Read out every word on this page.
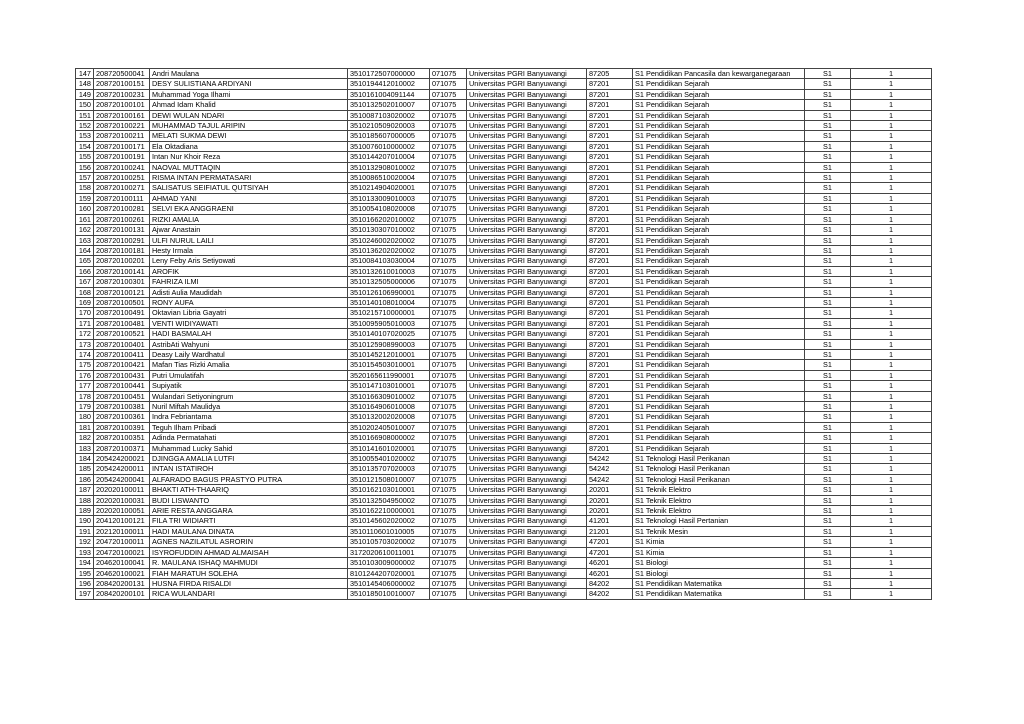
147	208720500041	Andri Maulana	3510172507000000	071075	Universitas PGRI Banyuwangi	87205	S1 Pendidikan Pancasila dan kewarganegaraan	S1	1
148	208720100151	DESY SULISTIANA ARDIYANI	3510194412010002	071075	Universitas PGRI Banyuwangi	87201	S1 Pendidikan Sejarah	S1	1
149	208720100231	Muhammad Yoga Ilhami	3510161004091144	071075	Universitas PGRI Banyuwangi	87201	S1 Pendidikan Sejarah	S1	1
150	208720100101	Ahmad Idam Khalid	3510132502010007	071075	Universitas PGRI Banyuwangi	87201	S1 Pendidikan Sejarah	S1	1
151	208720100161	DEWI WULAN NDARI	3510087103020002	071075	Universitas PGRI Banyuwangi	87201	S1 Pendidikan Sejarah	S1	1
152	208720100221	MUHAMMAD TAJUL ARIPIN	3510210509020003	071075	Universitas PGRI Banyuwangi	87201	S1 Pendidikan Sejarah	S1	1
153	208720100211	MELATI SUKMA DEWI	3510185607000005	071075	Universitas PGRI Banyuwangi	87201	S1 Pendidikan Sejarah	S1	1
154	208720100171	Ela Oktadiana	3510076010000002	071075	Universitas PGRI Banyuwangi	87201	S1 Pendidikan Sejarah	S1	1
155	208720100191	Intan Nur Khoir Reza	3510144207010004	071075	Universitas PGRI Banyuwangi	87201	S1 Pendidikan Sejarah	S1	1
156	208720100241	NAOVAL MUTTAQIN	3510132908010002	071075	Universitas PGRI Banyuwangi	87201	S1 Pendidikan Sejarah	S1	1
157	208720100251	RISMA INTAN PERMATASARI	3510086510020004	071075	Universitas PGRI Banyuwangi	87201	S1 Pendidikan Sejarah	S1	1
158	208720100271	SALISATUS SEIFIATUL QUTSIYAH	3510214904020001	071075	Universitas PGRI Banyuwangi	87201	S1 Pendidikan Sejarah	S1	1
159	208720100111	AHMAD YANI	3510133009010003	071075	Universitas PGRI Banyuwangi	87201	S1 Pendidikan Sejarah	S1	1
160	208720100281	SELVI EKA ANGGRAENI	3510054108020008	071075	Universitas PGRI Banyuwangi	87201	S1 Pendidikan Sejarah	S1	1
161	208720100261	RIZKI AMALIA	3510166202010002	071075	Universitas PGRI Banyuwangi	87201	S1 Pendidikan Sejarah	S1	1
162	208720100131	Ajwar Anastain	3510130307010002	071075	Universitas PGRI Banyuwangi	87201	S1 Pendidikan Sejarah	S1	1
163	208720100291	ULFI NURUL LAILI	3510246002020002	071075	Universitas PGRI Banyuwangi	87201	S1 Pendidikan Sejarah	S1	1
164	208720100181	Hesty Irmala	3510136202020002	071075	Universitas PGRI Banyuwangi	87201	S1 Pendidikan Sejarah	S1	1
165	208720100201	Leny Feby Aris Setiyowati	3510084103030004	071075	Universitas PGRI Banyuwangi	87201	S1 Pendidikan Sejarah	S1	1
166	208720100141	AROFIK	3510132610010003	071075	Universitas PGRI Banyuwangi	87201	S1 Pendidikan Sejarah	S1	1
167	208720100301	FAHRIZA ILMI	3510132505000006	071075	Universitas PGRI Banyuwangi	87201	S1 Pendidikan Sejarah	S1	1
168	208720100121	Adisti Aulia Maudidah	3510126106990001	071075	Universitas PGRI Banyuwangi	87201	S1 Pendidikan Sejarah	S1	1
169	208720100501	RONY AUFA	3510140108010004	071075	Universitas PGRI Banyuwangi	87201	S1 Pendidikan Sejarah	S1	1
170	208720100491	Oktavian Libria Gayatri	3510215710000001	071075	Universitas PGRI Banyuwangi	87201	S1 Pendidikan Sejarah	S1	1
171	208720100481	VENTI WIDIYAWATI	3510095905010003	071075	Universitas PGRI Banyuwangi	87201	S1 Pendidikan Sejarah	S1	1
172	208720100521	HADI BASMALAH	3510140107020025	071075	Universitas PGRI Banyuwangi	87201	S1 Pendidikan Sejarah	S1	1
173	208720100401	AstribAti Wahyuni	3510125908990003	071075	Universitas PGRI Banyuwangi	87201	S1 Pendidikan Sejarah	S1	1
174	208720100411	Deasy Laily Wardhatul	3510145212010001	071075	Universitas PGRI Banyuwangi	87201	S1 Pendidikan Sejarah	S1	1
175	208720100421	Mafan Tias Rizki Amalia	3510154503010001	071075	Universitas PGRI Banyuwangi	87201	S1 Pendidikan Sejarah	S1	1
176	208720100431	Putri Umulatifah	3520165611990001	071075	Universitas PGRI Banyuwangi	87201	S1 Pendidikan Sejarah	S1	1
177	208720100441	Supiyatik	3510147103010001	071075	Universitas PGRI Banyuwangi	87201	S1 Pendidikan Sejarah	S1	1
178	208720100451	Wulandari Setiyoningrum	3510166309010002	071075	Universitas PGRI Banyuwangi	87201	S1 Pendidikan Sejarah	S1	1
179	208720100381	Nuril Miftah Maulidya	3510164906010008	071075	Universitas PGRI Banyuwangi	87201	S1 Pendidikan Sejarah	S1	1
180	208720100361	Indra Febriantama	3510132002020008	071075	Universitas PGRI Banyuwangi	87201	S1 Pendidikan Sejarah	S1	1
181	208720100391	Teguh Ilham Pribadi	3510202405010007	071075	Universitas PGRI Banyuwangi	87201	S1 Pendidikan Sejarah	S1	1
182	208720100351	Adinda Permatahati	3510166908000002	071075	Universitas PGRI Banyuwangi	87201	S1 Pendidikan Sejarah	S1	1
183	208720100371	Muhammad Lucky Sahid	3510141601020001	071075	Universitas PGRI Banyuwangi	87201	S1 Pendidikan Sejarah	S1	1
184	205424200021	DJINGGA AMALIA LUTFI	3510055401020002	071075	Universitas PGRI Banyuwangi	54242	S1 Teknologi Hasil Perikanan	S1	1
185	205424200011	INTAN ISTATIROH	3510135707020003	071075	Universitas PGRI Banyuwangi	54242	S1 Teknologi Hasil Perikanan	S1	1
186	205424200041	ALFARADO BAGUS PRASTYO PUTRA	3510121508010007	071075	Universitas PGRI Banyuwangi	54242	S1 Teknologi Hasil Perikanan	S1	1
187	202020100011	BHAKTI ATH-THAARIQ	3510162103010001	071075	Universitas PGRI Banyuwangi	20201	S1 Teknik Elektro	S1	1
188	202020100031	BUDI LISWANTO	3510132504950002	071075	Universitas PGRI Banyuwangi	20201	S1 Teknik Elektro	S1	1
189	202020100051	ARIE RESTA ANGGARA	3510162210000001	071075	Universitas PGRI Banyuwangi	20201	S1 Teknik Elektro	S1	1
190	204120100121	FILA TRI WIDIARTI	3510145602020002	071075	Universitas PGRI Banyuwangi	41201	S1 Teknologi Hasil Pertanian	S1	1
191	202120100011	HADI MAULANA DINATA	3510110601010005	071075	Universitas PGRI Banyuwangi	21201	S1 Teknik Mesin	S1	1
192	204720100011	AGNES NAZILATUL ASRORIN	3510105703020002	071075	Universitas PGRI Banyuwangi	47201	S1 Kimia	S1	1
193	204720100021	ISYROFUDDIN AHMAD ALMAISAH	3172020610011001	071075	Universitas PGRI Banyuwangi	47201	S1 Kimia	S1	1
194	204620100041	R. MAULANA ISHAQ MAHMUDI	3510103009000002	071075	Universitas PGRI Banyuwangi	46201	S1 Biologi	S1	1
195	204620100021	FIAH MARATUH SOLEHA	8101244207020001	071075	Universitas PGRI Banyuwangi	46201	S1 Biologi	S1	1
196	208420200131	HUSNA FIRDA RISALDI	3510145406000002	071075	Universitas PGRI Banyuwangi	84202	S1 Pendidikan Matematika	S1	1
197	208420200101	RICA WULANDARI	3510185010010007	071075	Universitas PGRI Banyuwangi	84202	S1 Pendidikan Matematika	S1	1
